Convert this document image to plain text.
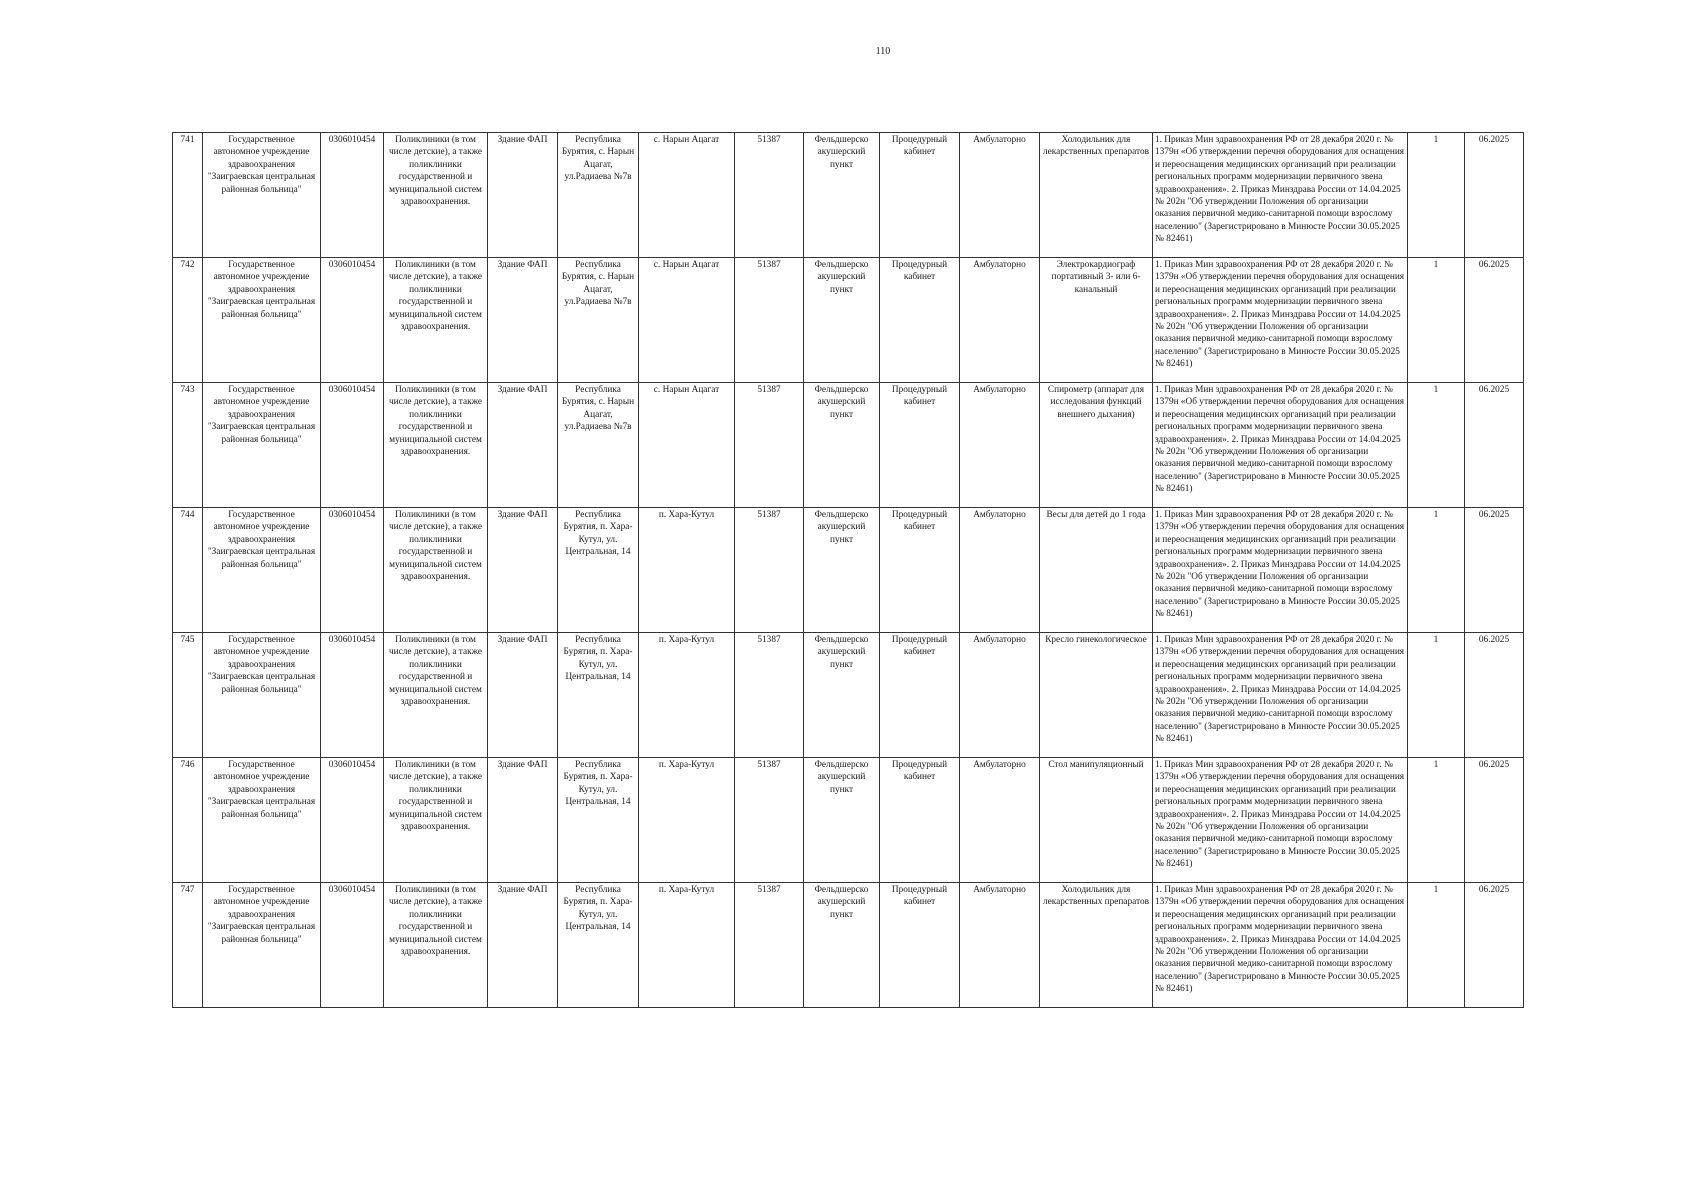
110
741	Государственное автономное учреждение здравоохранения "Заиграевская центральная районная больница"	0306010454	Поликлиники (в том числе детские), а также поликлиники государственной и муниципальной систем здравоохранения.	Здание ФАП	Республика Бурятия, с. Нарын Ацагат, ул.Радиаева №7в	с. Нарын Ацагат	51387	Фельдшерско акушерский пункт	Процедурный кабинет	Амбулаторно	Холодильник для лекарственных препаратов	1. Приказ Мин здравоохранения РФ от 28 декабря 2020 г. № 1379н «Об утверждении перечня оборудования для оснащения и переоснащения медицинских организаций при реализации региональных программ модернизации первичного звена здравоохранения». 2. Приказ Минздрава России от 14.04.2025 № 202н "Об утверждении Положения об организации оказания первичной медико-санитарной помощи взрослому населению" (Зарегистрировано в Минюсте России 30.05.2025 № 82461)	1	06.2025
742	Государственное автономное учреждение здравоохранения "Заиграевская центральная районная больница"	0306010454	Поликлиники (в том числе детские), а также поликлиники государственной и муниципальной систем здравоохранения.	Здание ФАП	Республика Бурятия, с. Нарын Ацагат, ул.Радиаева №7в	с. Нарын Ацагат	51387	Фельдшерско акушерский пункт	Процедурный кабинет	Амбулаторно	Электрокардиограф портативный 3- или 6-канальный	1. Приказ Мин здравоохранения РФ от 28 декабря 2020 г. № 1379н «Об утверждении перечня оборудования для оснащения и переоснащения медицинских организаций при реализации региональных программ модернизации первичного звена здравоохранения». 2. Приказ Минздрава России от 14.04.2025 № 202н "Об утверждении Положения об организации оказания первичной медико-санитарной помощи взрослому населению" (Зарегистрировано в Минюсте России 30.05.2025 № 82461)	1	06.2025
743	Государственное автономное учреждение здравоохранения "Заиграевская центральная районная больница"	0306010454	Поликлиники (в том числе детские), а также поликлиники государственной и муниципальной систем здравоохранения.	Здание ФАП	Республика Бурятия, с. Нарын Ацагат, ул.Радиаева №7в	с. Нарын Ацагат	51387	Фельдшерско акушерский пункт	Процедурный кабинет	Амбулаторно	Спирометр (аппарат для исследования функций внешнего дыхания)	1. Приказ Мин здравоохранения РФ от 28 декабря 2020 г. № 1379н «Об утверждении перечня оборудования для оснащения и переоснащения медицинских организаций при реализации региональных программ модернизации первичного звена здравоохранения». 2. Приказ Минздрава России от 14.04.2025 № 202н "Об утверждении Положения об организации оказания первичной медико-санитарной помощи взрослому населению" (Зарегистрировано в Минюсте России 30.05.2025 № 82461)	1	06.2025
744	Государственное автономное учреждение здравоохранения "Заиграевская центральная районная больница"	0306010454	Поликлиники (в том числе детские), а также поликлиники государственной и муниципальной систем здравоохранения.	Здание ФАП	Республика Бурятия, п. Хара-Кутул, ул. Центральная, 14	п. Хара-Кутул	51387	Фельдшерско акушерский пункт	Процедурный кабинет	Амбулаторно	Весы для детей до 1 года	1. Приказ Мин здравоохранения РФ от 28 декабря 2020 г. № 1379н «Об утверждении перечня оборудования для оснащения и переоснащения медицинских организаций при реализации региональных программ модернизации первичного звена здравоохранения». 2. Приказ Минздрава России от 14.04.2025 № 202н "Об утверждении Положения об организации оказания первичной медико-санитарной помощи взрослому населению" (Зарегистрировано в Минюсте России 30.05.2025 № 82461)	1	06.2025
745	Государственное автономное учреждение здравоохранения "Заиграевская центральная районная больница"	0306010454	Поликлиники (в том числе детские), а также поликлиники государственной и муниципальной систем здравоохранения.	Здание ФАП	Республика Бурятия, п. Хара-Кутул, ул. Центральная, 14	п. Хара-Кутул	51387	Фельдшерско акушерский пункт	Процедурный кабинет	Амбулаторно	Кресло гинекологическое	1. Приказ Мин здравоохранения РФ от 28 декабря 2020 г. № 1379н «Об утверждении перечня оборудования для оснащения и переоснащения медицинских организаций при реализации региональных программ модернизации первичного звена здравоохранения». 2. Приказ Минздрава России от 14.04.2025 № 202н "Об утверждении Положения об организации оказания первичной медико-санитарной помощи взрослому населению" (Зарегистрировано в Минюсте России 30.05.2025 № 82461)	1	06.2025
746	Государственное автономное учреждение здравоохранения "Заиграевская центральная районная больница"	0306010454	Поликлиники (в том числе детские), а также поликлиники государственной и муниципальной систем здравоохранения.	Здание ФАП	Республика Бурятия, п. Хара-Кутул, ул. Центральная, 14	п. Хара-Кутул	51387	Фельдшерско акушерский пункт	Процедурный кабинет	Амбулаторно	Стол манипуляционный	1. Приказ Мин здравоохранения РФ от 28 декабря 2020 г. № 1379н «Об утверждении перечня оборудования для оснащения и переоснащения медицинских организаций при реализации региональных программ модернизации первичного звена здравоохранения». 2. Приказ Минздрава России от 14.04.2025 № 202н "Об утверждении Положения об организации оказания первичной медико-санитарной помощи взрослому населению" (Зарегистрировано в Минюсте России 30.05.2025 № 82461)	1	06.2025
747	Государственное автономное учреждение здравоохранения "Заиграевская центральная районная больница"	0306010454	Поликлиники (в том числе детские), а также поликлиники государственной и муниципальной систем здравоохранения.	Здание ФАП	Республика Бурятия, п. Хара-Кутул, ул. Центральная, 14	п. Хара-Кутул	51387	Фельдшерско акушерский пункт	Процедурный кабинет	Амбулаторно	Холодильник для лекарственных препаратов	1. Приказ Мин здравоохранения РФ от 28 декабря 2020 г. № 1379н «Об утверждении перечня оборудования для оснащения и переоснащения медицинских организаций при реализации региональных программ модернизации первичного звена здравоохранения». 2. Приказ Минздрава России от 14.04.2025 № 202н "Об утверждении Положения об организации оказания первичной медико-санитарной помощи взрослому населению" (Зарегистрировано в Минюсте России 30.05.2025 № 82461)	1	06.2025
